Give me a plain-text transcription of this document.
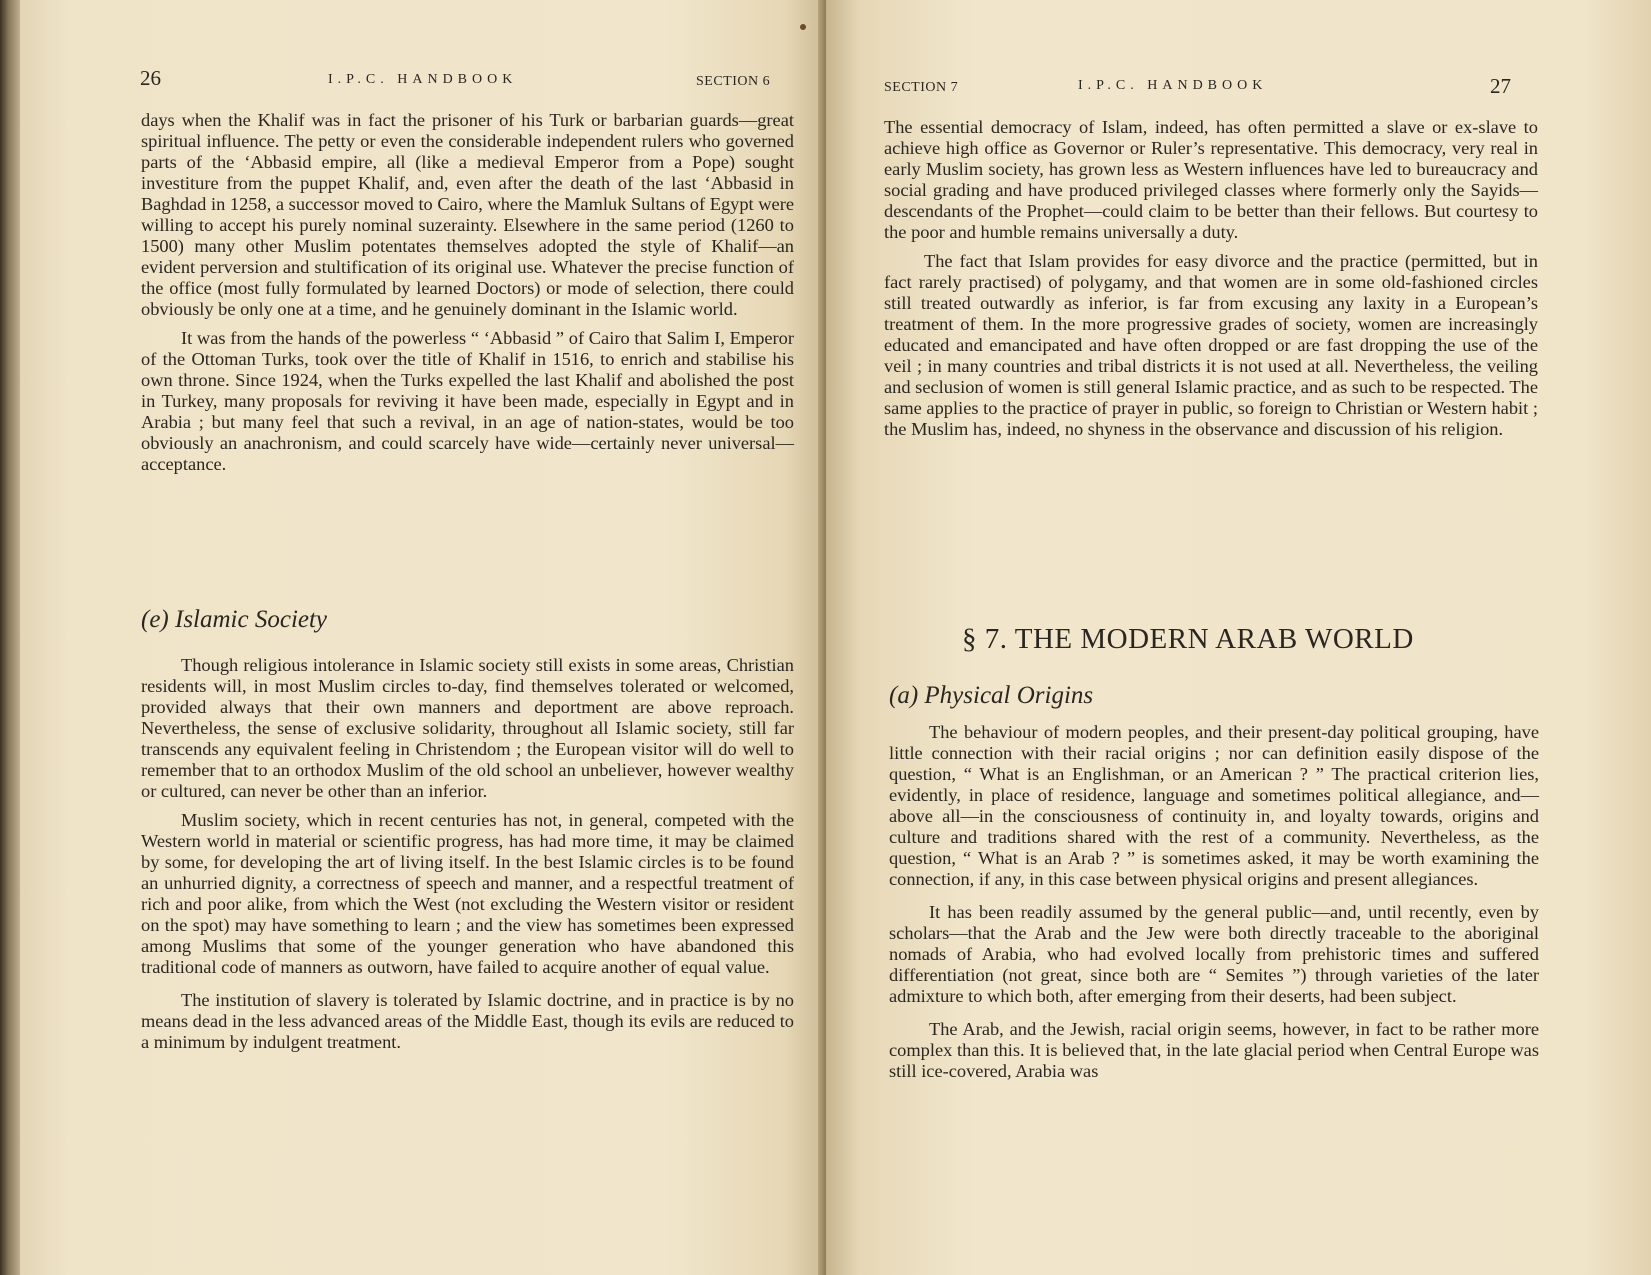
26	I.P.C. HANDBOOK	SECTION 6

days when the Khalif was in fact the prisoner of his Turk or barbarian guards—great spiritual influence. The petty or even the considerable independent rulers who governed parts of the ‘Abbasid empire, all (like a medieval Emperor from a Pope) sought investiture from the puppet Khalif, and, even after the death of the last ‘Abbasid in Baghdad in 1258, a successor moved to Cairo, where the Mamluk Sultans of Egypt were willing to accept his purely nominal suzerainty. Elsewhere in the same period (1260 to 1500) many other Muslim potentates themselves adopted the style of Khalif—an evident perversion and stultification of its original use. Whatever the precise function of the office (most fully formulated by learned Doctors) or mode of selection, there could obviously be only one at a time, and he genuinely dominant in the Islamic world.

It was from the hands of the powerless “ ‘Abbasid ” of Cairo that Salim I, Emperor of the Ottoman Turks, took over the title of Khalif in 1516, to enrich and stabilise his own throne. Since 1924, when the Turks expelled the last Khalif and abolished the post in Turkey, many proposals for reviving it have been made, especially in Egypt and in Arabia ; but many feel that such a revival, in an age of nation-states, would be too obviously an anachronism, and could scarcely have wide—certainly never universal—acceptance.

(e) Islamic Society

Though religious intolerance in Islamic society still exists in some areas, Christian residents will, in most Muslim circles to-day, find themselves tolerated or welcomed, provided always that their own manners and deportment are above reproach. Nevertheless, the sense of exclusive solidarity, throughout all Islamic society, still far transcends any equivalent feeling in Christendom ; the European visitor will do well to remember that to an orthodox Muslim of the old school an unbeliever, however wealthy or cultured, can never be other than an inferior.

Muslim society, which in recent centuries has not, in general, competed with the Western world in material or scientific progress, has had more time, it may be claimed by some, for developing the art of living itself. In the best Islamic circles is to be found an unhurried dignity, a correctness of speech and manner, and a respectful treatment of rich and poor alike, from which the West (not excluding the Western visitor or resident on the spot) may have something to learn ; and the view has sometimes been expressed among Muslims that some of the younger generation who have abandoned this traditional code of manners as outworn, have failed to acquire another of equal value.

The institution of slavery is tolerated by Islamic doctrine, and in practice is by no means dead in the less advanced areas of the Middle East, though its evils are reduced to a minimum by indulgent treatment.

SECTION 7	I.P.C. HANDBOOK	27

The essential democracy of Islam, indeed, has often permitted a slave or ex-slave to achieve high office as Governor or Ruler’s representative. This democracy, very real in early Muslim society, has grown less as Western influences have led to bureaucracy and social grading and have produced privileged classes where formerly only the Sayids—descendants of the Prophet—could claim to be better than their fellows. But courtesy to the poor and humble remains universally a duty.

The fact that Islam provides for easy divorce and the practice (permitted, but in fact rarely practised) of polygamy, and that women are in some old-fashioned circles still treated outwardly as inferior, is far from excusing any laxity in a European’s treatment of them. In the more progressive grades of society, women are increasingly educated and emancipated and have often dropped or are fast dropping the use of the veil ; in many countries and tribal districts it is not used at all. Nevertheless, the veiling and seclusion of women is still general Islamic practice, and as such to be respected. The same applies to the practice of prayer in public, so foreign to Christian or Western habit ; the Muslim has, indeed, no shyness in the observance and discussion of his religion.

§ 7. THE MODERN ARAB WORLD
(a) Physical Origins

The behaviour of modern peoples, and their present-day political grouping, have little connection with their racial origins ; nor can definition easily dispose of the question, “ What is an Englishman, or an American ? ” The practical criterion lies, evidently, in place of residence, language and sometimes political allegiance, and—above all—in the consciousness of continuity in, and loyalty towards, origins and culture and traditions shared with the rest of a community. Nevertheless, as the question, “ What is an Arab ? ” is sometimes asked, it may be worth examining the connection, if any, in this case between physical origins and present allegiances.

It has been readily assumed by the general public—and, until recently, even by scholars—that the Arab and the Jew were both directly traceable to the aboriginal nomads of Arabia, who had evolved locally from prehistoric times and suffered differentiation (not great, since both are “ Semites ”) through varieties of the later admixture to which both, after emerging from their deserts, had been subject.

The Arab, and the Jewish, racial origin seems, however, in fact to be rather more complex than this. It is believed that, in the late glacial period when Central Europe was still ice-covered, Arabia was
